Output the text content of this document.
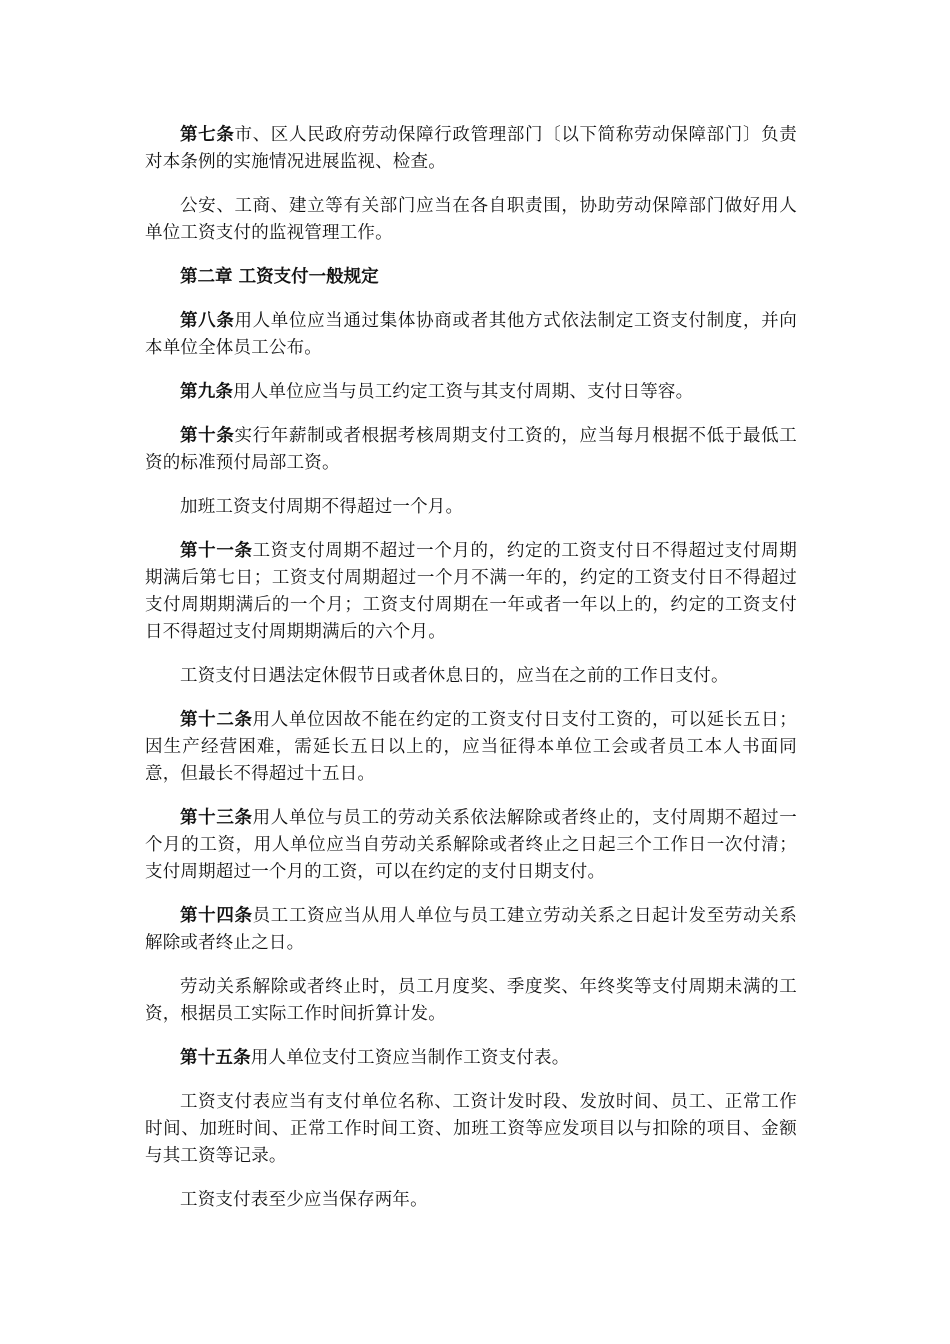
第七条市、区人民政府劳动保障行政管理部门〔以下简称劳动保障部门〕负责对本条例的实施情况进展监视、检查。

公安、工商、建立等有关部门应当在各自职责围，协助劳动保障部门做好用人单位工资支付的监视管理工作。

第二章 工资支付一般规定

第八条用人单位应当通过集体协商或者其他方式依法制定工资支付制度，并向本单位全体员工公布。

第九条用人单位应当与员工约定工资与其支付周期、支付日等容。

第十条实行年薪制或者根据考核周期支付工资的，应当每月根据不低于最低工资的标准预付局部工资。

加班工资支付周期不得超过一个月。

第十一条工资支付周期不超过一个月的，约定的工资支付日不得超过支付周期期满后第七日；工资支付周期超过一个月不满一年的，约定的工资支付日不得超过支付周期期满后的一个月；工资支付周期在一年或者一年以上的，约定的工资支付日不得超过支付周期期满后的六个月。

工资支付日遇法定休假节日或者休息日的，应当在之前的工作日支付。

第十二条用人单位因故不能在约定的工资支付日支付工资的，可以延长五日；因生产经营困难，需延长五日以上的，应当征得本单位工会或者员工本人书面同意，但最长不得超过十五日。

第十三条用人单位与员工的劳动关系依法解除或者终止的，支付周期不超过一个月的工资，用人单位应当自劳动关系解除或者终止之日起三个工作日一次付清；支付周期超过一个月的工资，可以在约定的支付日期支付。

第十四条员工工资应当从用人单位与员工建立劳动关系之日起计发至劳动关系解除或者终止之日。

劳动关系解除或者终止时，员工月度奖、季度奖、年终奖等支付周期未满的工资，根据员工实际工作时间折算计发。

第十五条用人单位支付工资应当制作工资支付表。

工资支付表应当有支付单位名称、工资计发时段、发放时间、员工、正常工作时间、加班时间、正常工作时间工资、加班工资等应发项目以与扣除的项目、金额与其工资等记录。

工资支付表至少应当保存两年。
